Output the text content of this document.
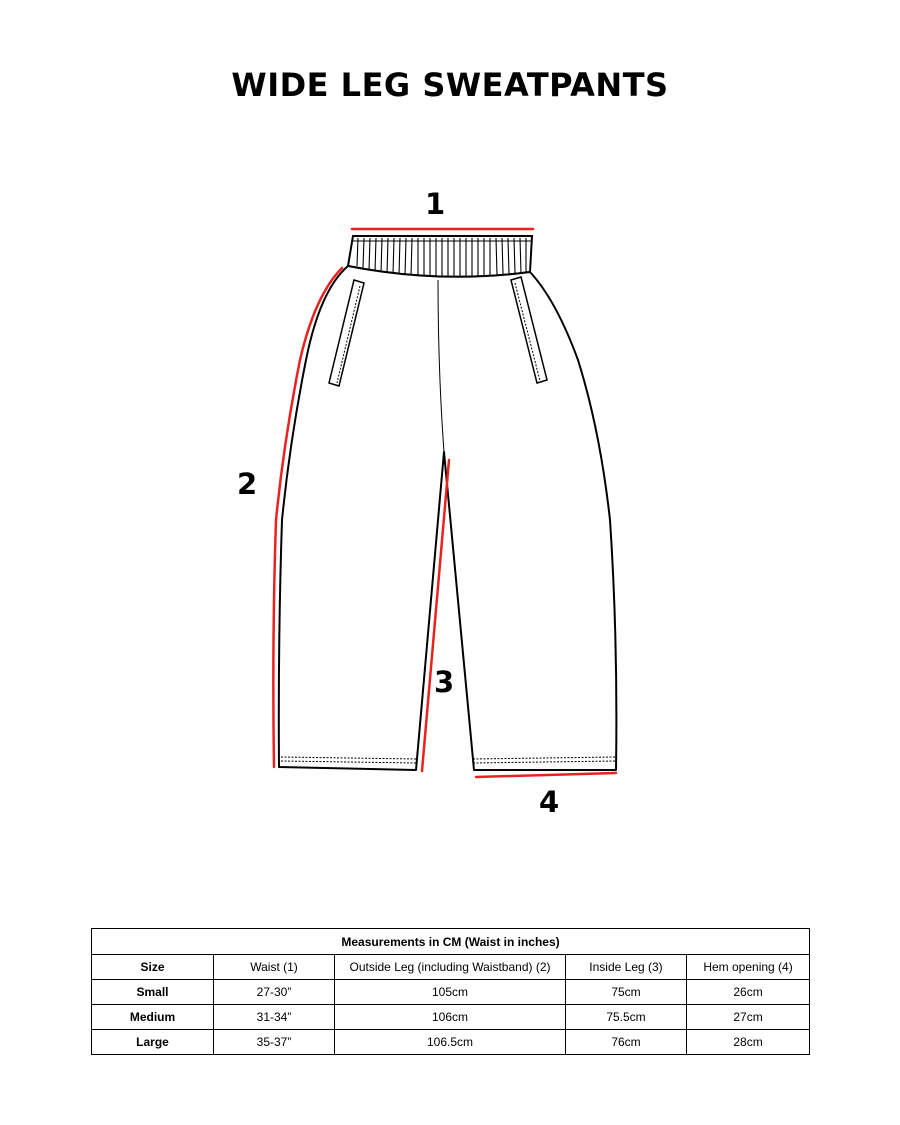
WIDE LEG SWEATPANTS
1
2
3
4
Measurements in CM (Waist in inches)				
Size	Waist (1)	Outside Leg (including Waistband) (2)	Inside Leg (3)	Hem opening (4)
Small	27-30”	105cm	75cm	26cm
Medium	31-34”	106cm	75.5cm	27cm
Large	35-37”	106.5cm	76cm	28cm
